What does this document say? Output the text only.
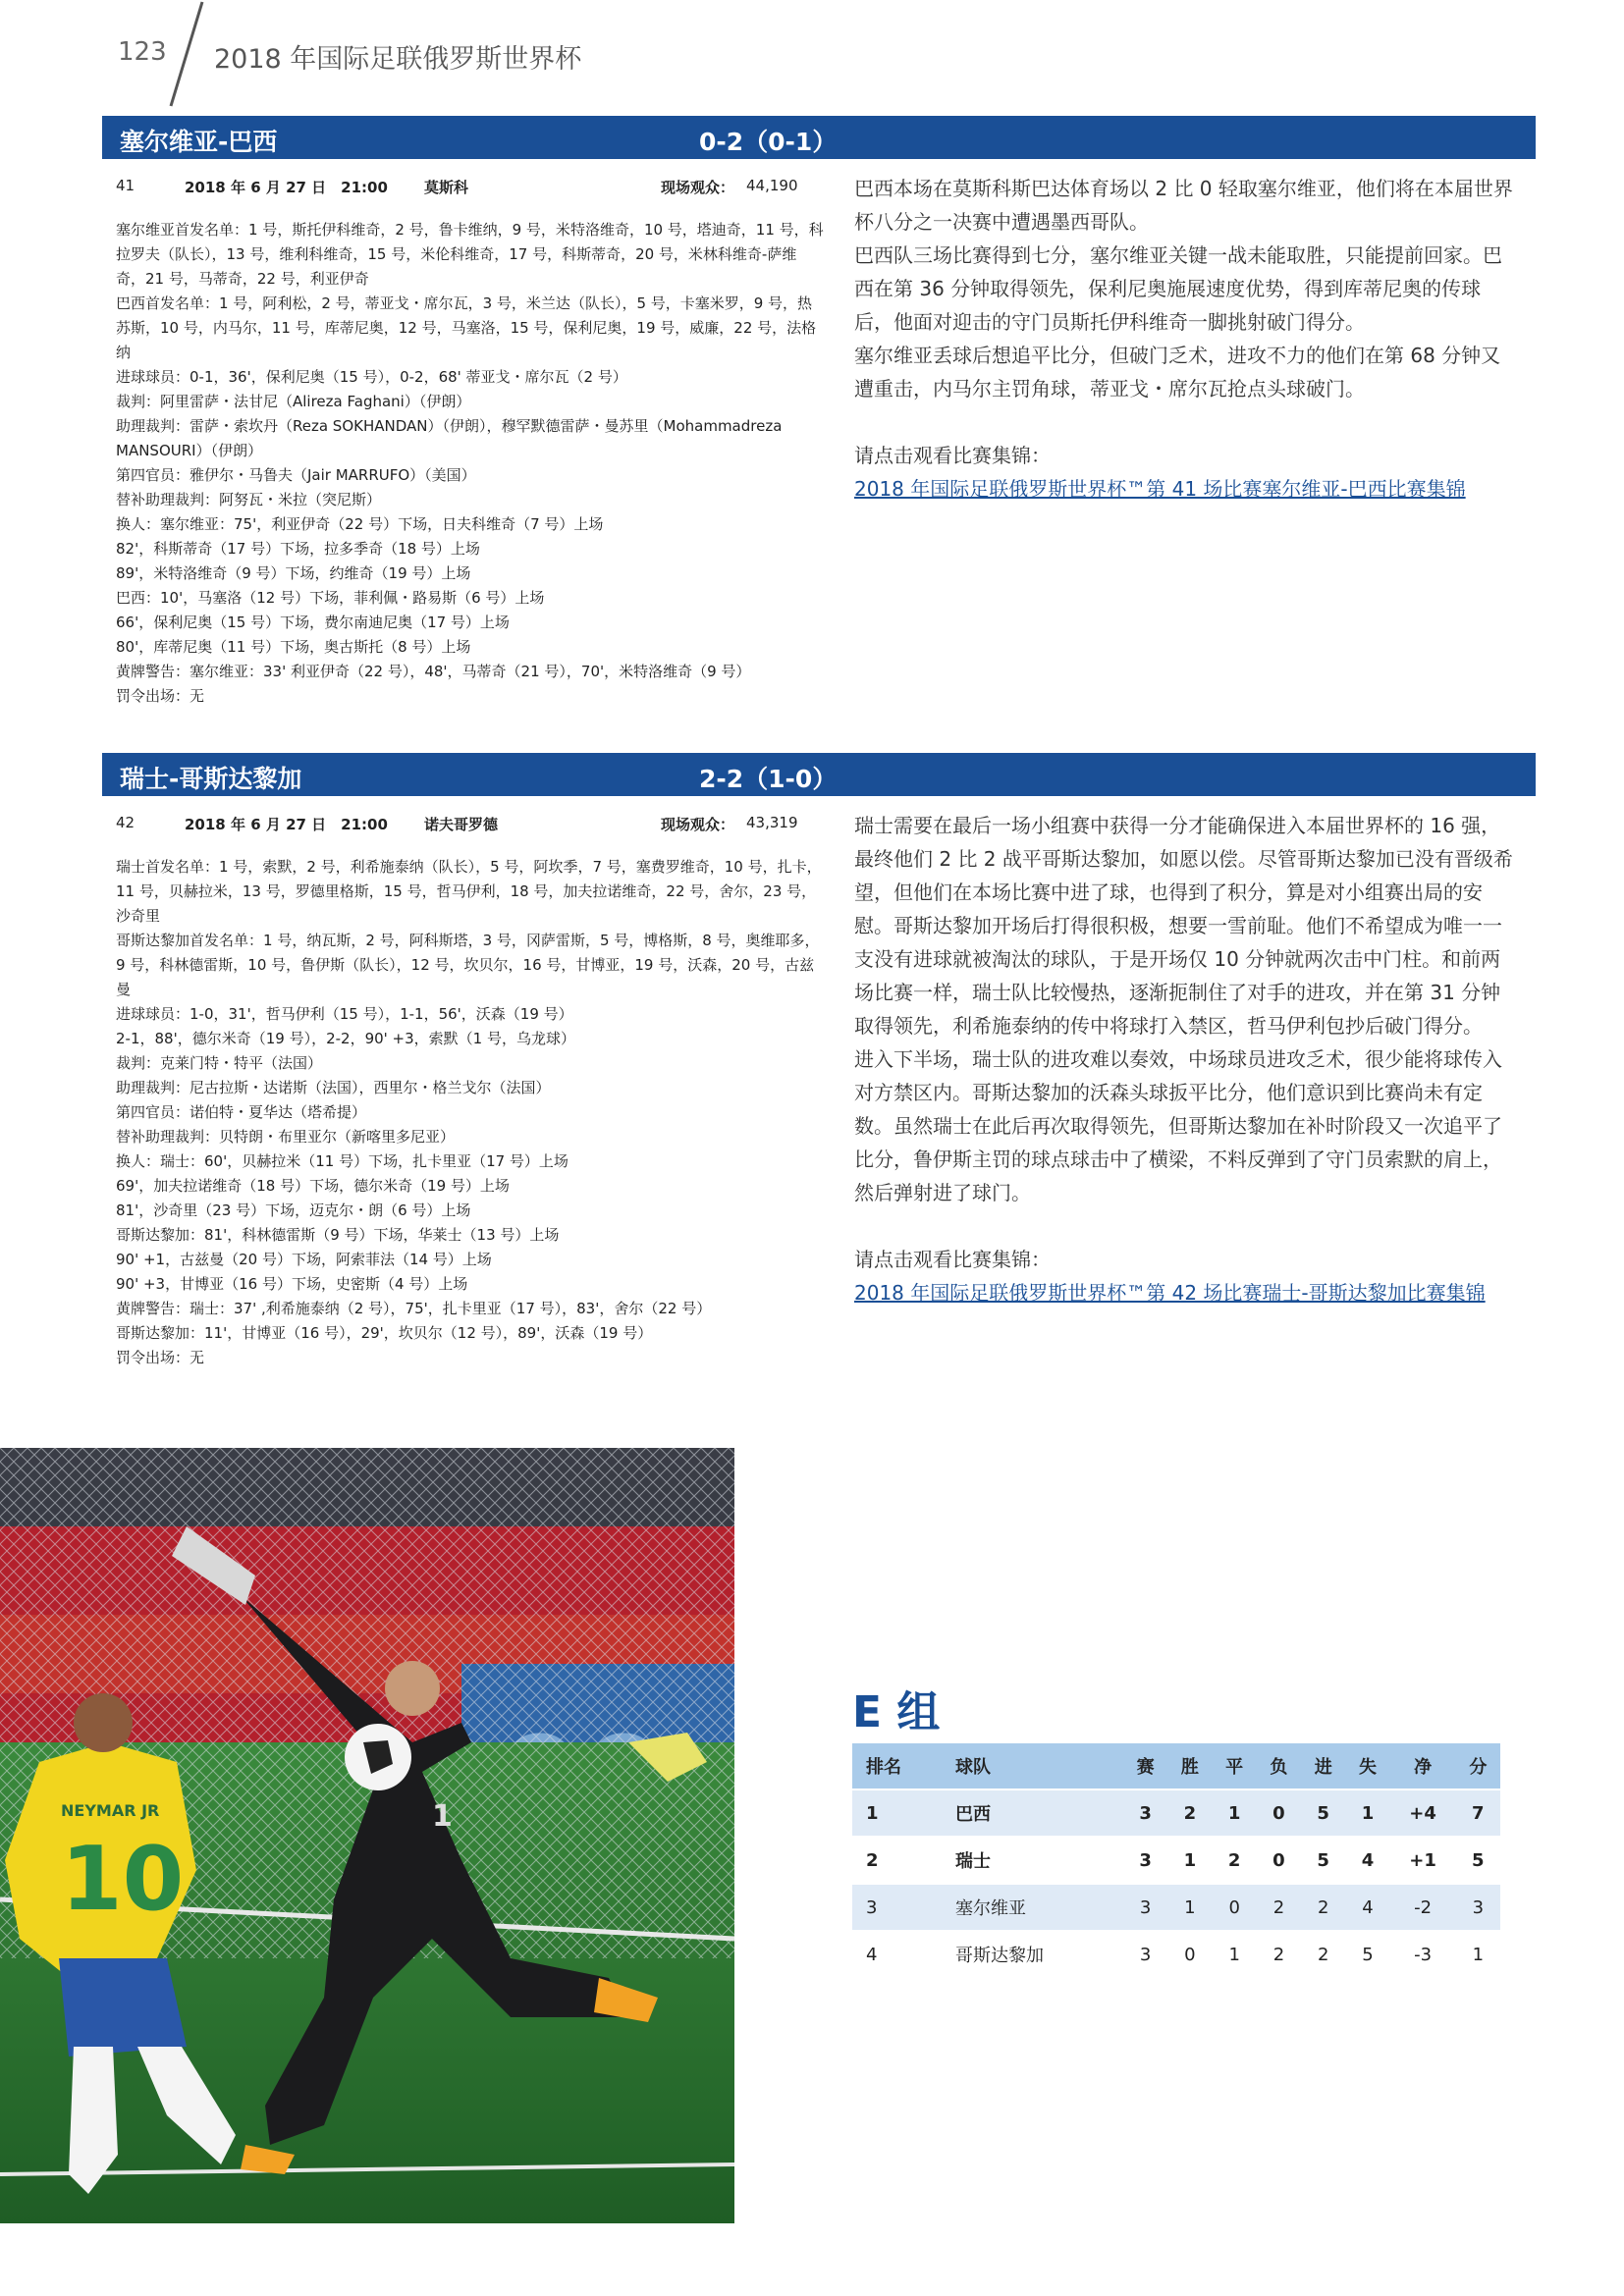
123 2018 年国际足联俄罗斯世界杯
塞尔维亚-巴西	0-2（0-1）
41	2018 年 6 月 27 日　21:00 莫斯科	现场观众： 44,190

塞尔维亚首发名单：1 号，斯托伊科维奇，2 号，鲁卡维纳，9 号，米特洛维奇，10 号，塔迪奇，11 号，科拉罗夫（队长），13 号，维利科维奇，15 号，米伦科维奇，17 号，科斯蒂奇，20 号，米林科维奇-萨维奇，21 号，马蒂奇，22 号，利亚伊奇

巴西首发名单：1 号，阿利松，2 号，蒂亚戈・席尔瓦，3 号，米兰达（队长），5 号，卡塞米罗，9 号，热苏斯，10 号，内马尔，11 号，库蒂尼奥，12 号，马塞洛，15 号，保利尼奥，19 号，威廉，22 号，法格纳

进球球员：0-1，36'，保利尼奥（15 号），0-2，68' 蒂亚戈・席尔瓦（2 号）

裁判：阿里雷萨・法甘尼（Alireza Faghani）（伊朗）

助理裁判：雷萨・索坎丹（Reza SOKHANDAN）（伊朗），穆罕默德雷萨・曼苏里（Mohammadreza MANSOURI）（伊朗）

第四官员：雅伊尔・马鲁夫（Jair MARRUFO）（美国）

替补助理裁判：阿努瓦・米拉（突尼斯）

换人：塞尔维亚：75'，利亚伊奇（22 号）下场，日夫科维奇（7 号）上场

82'，科斯蒂奇（17 号）下场，拉多季奇（18 号）上场

89'，米特洛维奇（9 号）下场，约维奇（19 号）上场

巴西：10'，马塞洛（12 号）下场，菲利佩・路易斯（6 号）上场

66'，保利尼奥（15 号）下场，费尔南迪尼奥（17 号）上场

80'，库蒂尼奥（11 号）下场，奥古斯托（8 号）上场

黄牌警告：塞尔维亚：33' 利亚伊奇（22 号），48'，马蒂奇（21 号），70'，米特洛维奇（9 号）

罚令出场：无

巴西本场在莫斯科斯巴达体育场以 2 比 0 轻取塞尔维亚，他们将在本届世界杯八分之一决赛中遭遇墨西哥队。

巴西队三场比赛得到七分，塞尔维亚关键一战未能取胜，只能提前回家。巴西在第 36 分钟取得领先，保利尼奥施展速度优势，得到库蒂尼奥的传球后，他面对迎击的守门员斯托伊科维奇一脚挑射破门得分。

塞尔维亚丢球后想追平比分，但破门乏术，进攻不力的他们在第 68 分钟又遭重击，内马尔主罚角球，蒂亚戈・席尔瓦抢点头球破门。

请点击观看比赛集锦：

2018 年国际足联俄罗斯世界杯™第 41 场比赛塞尔维亚-巴西比赛集锦

瑞士-哥斯达黎加	2-2（1-0）
42	2018 年 6 月 27 日　21:00 诺夫哥罗德	现场观众： 43,319

瑞士首发名单：1 号，索默，2 号，利希施泰纳（队长），5 号，阿坎季，7 号，塞费罗维奇，10 号，扎卡，11 号，贝赫拉米，13 号，罗德里格斯，15 号，哲马伊利，18 号，加夫拉诺维奇，22 号，舍尔，23 号，沙奇里

哥斯达黎加首发名单：1 号，纳瓦斯，2 号，阿科斯塔，3 号，冈萨雷斯，5 号，博格斯，8 号，奥维耶多，9 号，科林德雷斯，10 号，鲁伊斯（队长），12 号，坎贝尔，16 号，甘博亚，19 号，沃森，20 号，古兹曼

进球球员：1-0，31'，哲马伊利（15 号），1-1，56'，沃森（19 号）

2-1，88'，德尔米奇（19 号），2-2，90' +3，索默（1 号，乌龙球）

裁判：克莱门特・特平（法国）

助理裁判：尼古拉斯・达诺斯（法国），西里尔・格兰戈尔（法国）

第四官员：诺伯特・夏华达（塔希提）

替补助理裁判：贝特朗・布里亚尔（新喀里多尼亚）

换人：瑞士：60'，贝赫拉米（11 号）下场，扎卡里亚（17 号）上场

69'，加夫拉诺维奇（18 号）下场，德尔米奇（19 号）上场

81'，沙奇里（23 号）下场，迈克尔・朗（6 号）上场

哥斯达黎加：81'，科林德雷斯（9 号）下场，华莱士（13 号）上场

90' +1，古兹曼（20 号）下场，阿索菲法（14 号）上场

90' +3，甘博亚（16 号）下场，史密斯（4 号）上场

黄牌警告：瑞士：37' ,利希施泰纳（2 号），75'，扎卡里亚（17 号），83'，舍尔（22 号）

哥斯达黎加：11'，甘博亚（16 号），29'，坎贝尔（12 号），89'，沃森（19 号）

罚令出场：无

瑞士需要在最后一场小组赛中获得一分才能确保进入本届世界杯的 16 强，最终他们 2 比 2 战平哥斯达黎加，如愿以偿。尽管哥斯达黎加已没有晋级希望，但他们在本场比赛中进了球，也得到了积分，算是对小组赛出局的安慰。哥斯达黎加开场后打得很积极，想要一雪前耻。他们不希望成为唯一一支没有进球就被淘汰的球队，于是开场仅 10 分钟就两次击中门柱。和前两场比赛一样，瑞士队比较慢热，逐渐扼制住了对手的进攻，并在第 31 分钟取得领先，利希施泰纳的传中将球打入禁区，哲马伊利包抄后破门得分。

进入下半场，瑞士队的进攻难以奏效，中场球员进攻乏术，很少能将球传入对方禁区内。哥斯达黎加的沃森头球扳平比分，他们意识到比赛尚未有定数。虽然瑞士在此后再次取得领先，但哥斯达黎加在补时阶段又一次追平了比分，鲁伊斯主罚的球点球击中了横梁，不料反弹到了守门员索默的肩上，然后弹射进了球门。

请点击观看比赛集锦：

2018 年国际足联俄罗斯世界杯™第 42 场比赛瑞士-哥斯达黎加比赛集锦

1
NEYMAR JR
10
E 组
排名	球队	赛	胜	平	负	进	失	净	分
1	巴西	3	2	1	0	5	1	+4	7
2	瑞士	3	1	2	0	5	4	+1	5
3	塞尔维亚	3	1	0	2	2	4	-2	3
4	哥斯达黎加	3	0	1	2	2	5	-3	1
